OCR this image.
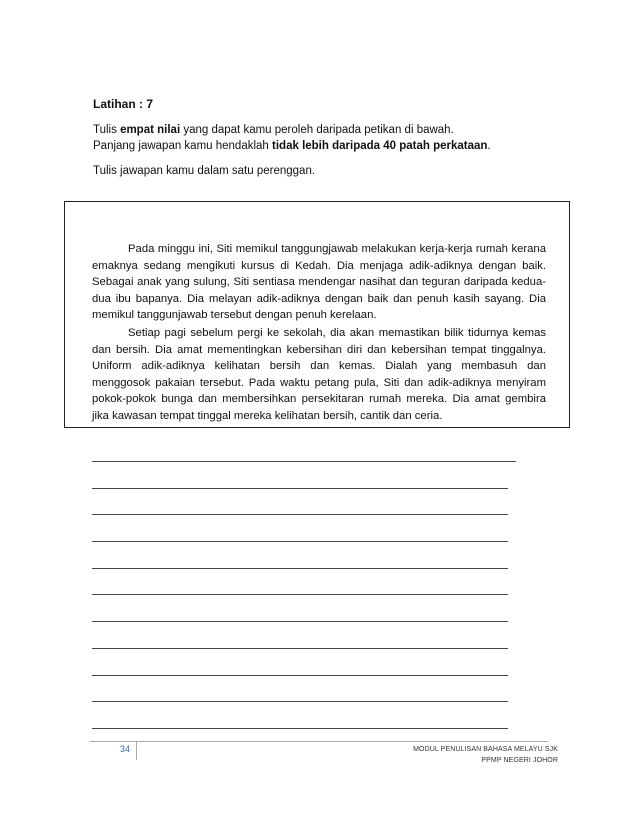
Latihan : 7
Tulis empat nilai yang dapat kamu peroleh daripada petikan di bawah.
Panjang jawapan kamu hendaklah tidak lebih daripada 40 patah perkataan.
Tulis jawapan kamu dalam satu perenggan.

Pada minggu ini, Siti memikul tanggungjawab melakukan kerja-kerja rumah kerana emaknya sedang mengikuti kursus di Kedah. Dia menjaga adik-adiknya dengan baik. Sebagai anak yang sulung, Siti sentiasa mendengar nasihat dan teguran daripada kedua-dua ibu bapanya. Dia melayan adik-adiknya dengan baik dan penuh kasih sayang. Dia memikul tanggunjawab tersebut dengan penuh kerelaan.

Setiap pagi sebelum pergi ke sekolah, dia akan memastikan bilik tidurnya kemas dan bersih. Dia amat mementingkan kebersihan diri dan kebersihan tempat tinggalnya. Uniform adik-adiknya kelihatan bersih dan kemas. Dialah yang membasuh dan menggosok pakaian tersebut. Pada waktu petang pula, Siti dan adik-adiknya menyiram pokok-pokok bunga dan membersihkan persekitaran rumah mereka. Dia amat gembira jika kawasan tempat tinggal mereka kelihatan bersih, cantik dan ceria.

34	MODUL PENULISAN BAHASA MELAYU SJK
PPMP NEGERI JOHOR
